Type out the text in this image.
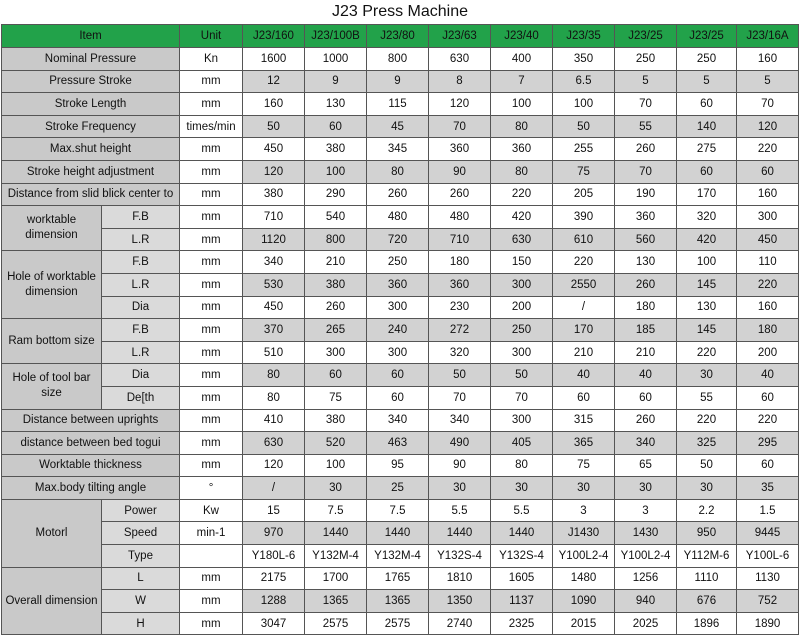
J23 Press Machine
Item		Unit	J23/160	J23/100B	J23/80	J23/63	J23/40	J23/35	J23/25	J23/25	J23/16A
Nominal Pressure		Kn	1600	1000	800	630	400	350	250	250	160
Pressure Stroke		mm	12	9	9	8	7	6.5	5	5	5
Stroke Length		mm	160	130	115	120	100	100	70	60	70
Stroke Frequency		times/min	50	60	45	70	80	50	55	140	120
Max.shut height		mm	450	380	345	360	360	255	260	275	220
Stroke height adjustment		mm	120	100	80	90	80	75	70	60	60
Distance from slid blick center to		mm	380	290	260	260	220	205	190	170	160
worktable dimension	F.B	mm	710	540	480	480	420	390	360	320	300
	L.R	mm	1120	800	720	710	630	610	560	420	450
Hole of worktable dimension	F.B	mm	340	210	250	180	150	220	130	100	110
	L.R	mm	530	380	360	360	300	2550	260	145	220
	Dia	mm	450	260	300	230	200	/	180	130	160
Ram bottom size	F.B	mm	370	265	240	272	250	170	185	145	180
	L.R	mm	510	300	300	320	300	210	210	220	200
Hole of tool bar size	Dia	mm	80	60	60	50	50	40	40	30	40
	De[th	mm	80	75	60	70	70	60	60	55	60
Distance between uprights		mm	410	380	340	340	300	315	260	220	220
distance between bed togui		mm	630	520	463	490	405	365	340	325	295
Worktable thickness		mm	120	100	95	90	80	75	65	50	60
Max.body tilting angle		°	/	30	25	30	30	30	30	30	35
Motorl	Power	Kw	15	7.5	7.5	5.5	5.5	3	3	2.2	1.5
	Speed	min-1	970	1440	1440	1440	1440	J1430	1430	950	9445
	Type		Y180L-6	Y132M-4	Y132M-4	Y132S-4	Y132S-4	Y100L2-4	Y100L2-4	Y112M-6	Y100L-6
Overall dimension	L	mm	2175	1700	1765	1810	1605	1480	1256	1110	1130
	W	mm	1288	1365	1365	1350	1137	1090	940	676	752
	H	mm	3047	2575	2575	2740	2325	2015	2025	1896	1890
